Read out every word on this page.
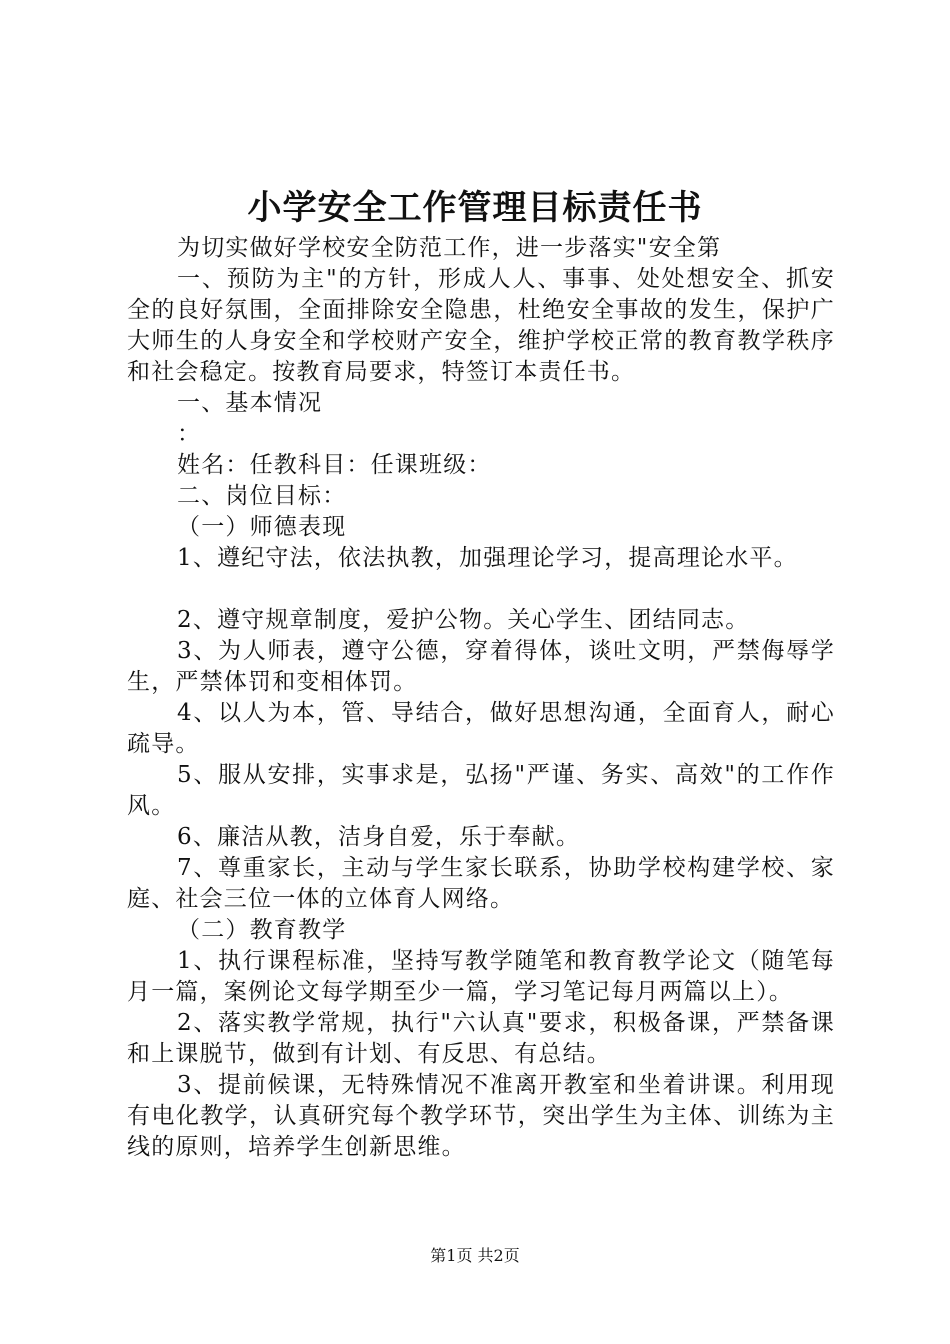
小学安全工作管理目标责任书

为切实做好学校安全防范工作，进一步落实"安全第

一、预防为主"的方针，形成人人、事事、处处想安全、抓安全的良好氛围，全面排除安全隐患，杜绝安全事故的发生，保护广大师生的人身安全和学校财产安全，维护学校正常的教育教学秩序和社会稳定。按教育局要求，特签订本责任书。

一、基本情况

：

姓名：任教科目：任课班级：

二、岗位目标：

（一）师德表现

1、遵纪守法，依法执教，加强理论学习，提高理论水平。

2、遵守规章制度，爱护公物。关心学生、团结同志。

3、为人师表，遵守公德，穿着得体，谈吐文明，严禁侮辱学生，严禁体罚和变相体罚。

4、以人为本，管、导结合，做好思想沟通，全面育人，耐心疏导。

5、服从安排，实事求是，弘扬"严谨、务实、高效"的工作作风。

6、廉洁从教，洁身自爱，乐于奉献。

7、尊重家长，主动与学生家长联系，协助学校构建学校、家庭、社会三位一体的立体育人网络。

（二）教育教学

1、执行课程标准，坚持写教学随笔和教育教学论文（随笔每月一篇，案例论文每学期至少一篇，学习笔记每月两篇以上）。

2、落实教学常规，执行"六认真"要求，积极备课，严禁备课和上课脱节，做到有计划、有反思、有总结。

3、提前候课，无特殊情况不准离开教室和坐着讲课。利用现有电化教学，认真研究每个教学环节，突出学生为主体、训练为主线的原则，培养学生创新思维。

第1页 共2页
